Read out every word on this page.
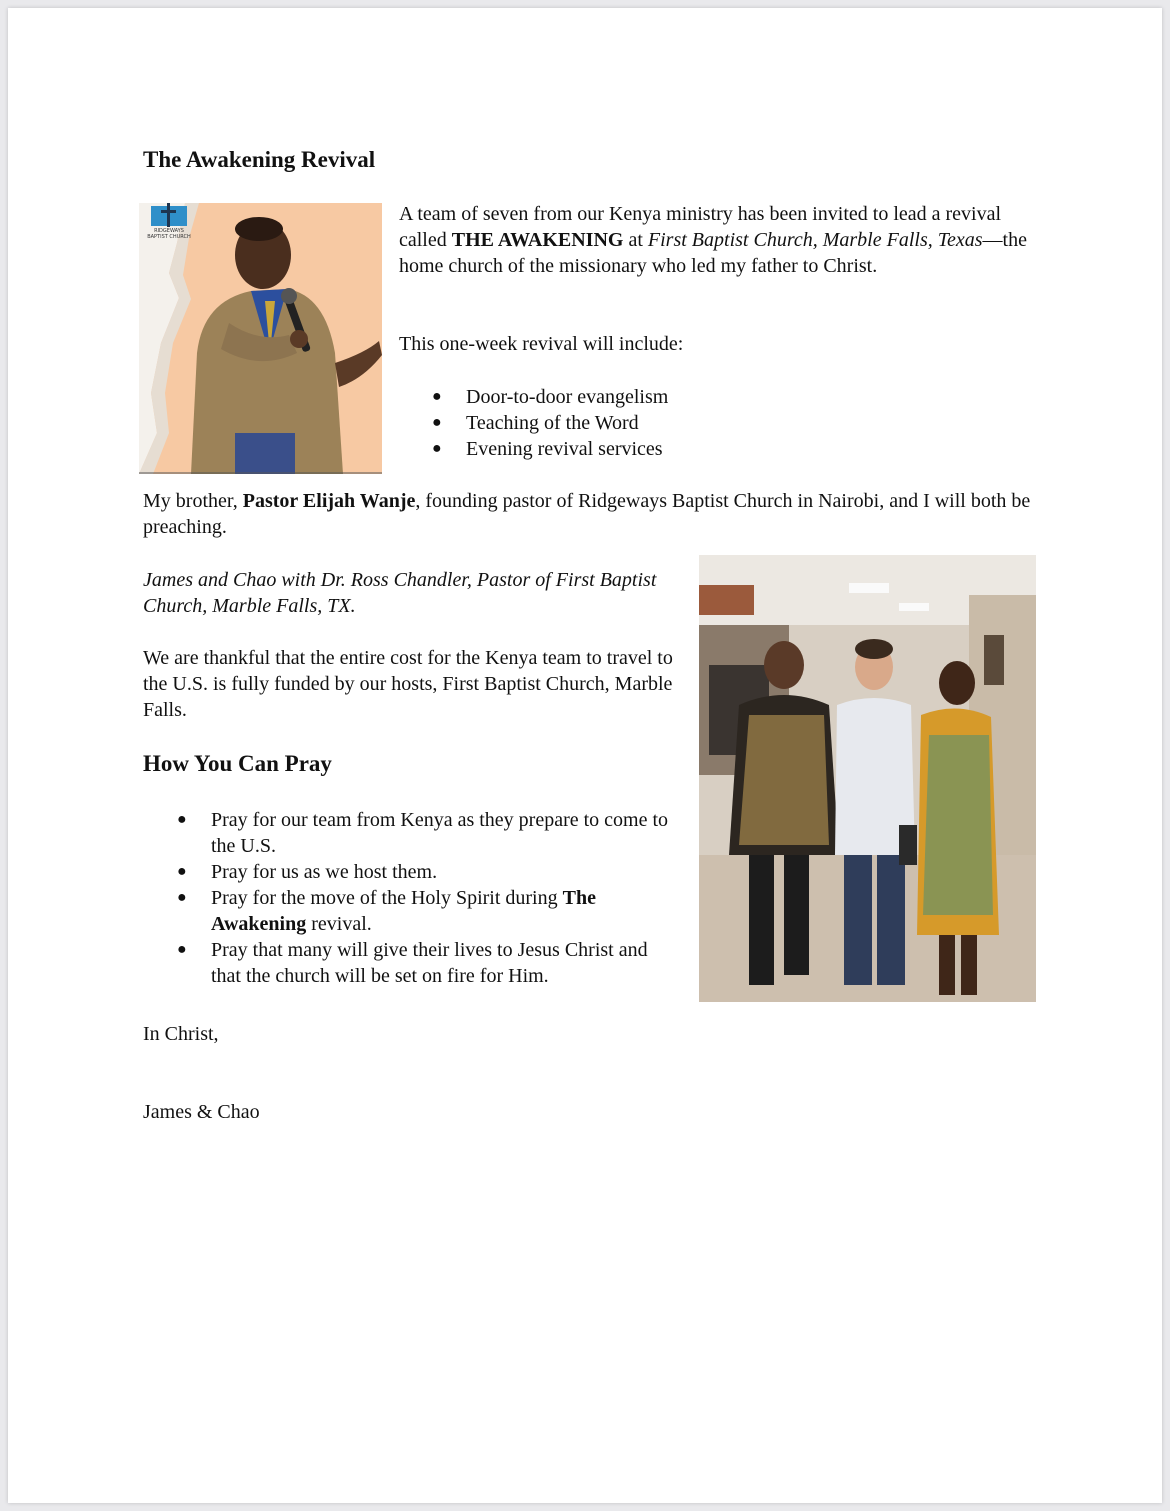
The Awakening Revival
RIDGEWAYS
BAPTIST CHURCH

A team of seven from our Kenya ministry has been invited to lead a revival called THE AWAKENING at First Baptist Church, Marble Falls, Texas—the home church of the missionary who led my father to Christ.

This one-week revival will include:

● Door-to-door evangelism
● Teaching of the Word
● Evening revival services

My brother, Pastor Elijah Wanje, founding pastor of Ridgeways Baptist Church in Nairobi, and I will both be preaching.

James and Chao with Dr. Ross Chandler, Pastor of First Baptist Church, Marble Falls, TX.

We are thankful that the entire cost for the Kenya team to travel to the U.S. is fully funded by our hosts, First Baptist Church, Marble Falls.

How You Can Pray
● Pray for our team from Kenya as they prepare to come to the U.S.
● Pray for us as we host them.
● Pray for the move of the Holy Spirit during The Awakening revival.
● Pray that many will give their lives to Jesus Christ and that the church will be set on fire for Him.

In Christ,

James & Chao
